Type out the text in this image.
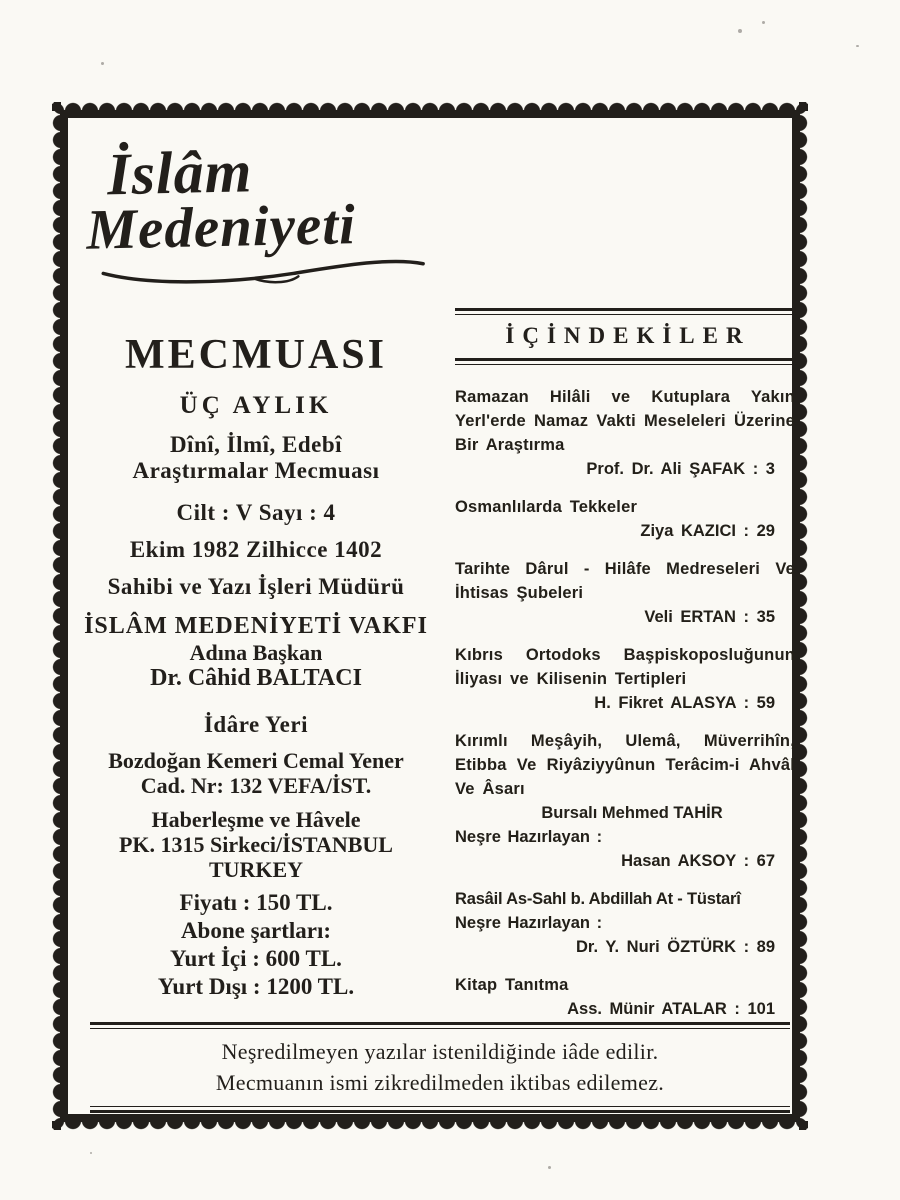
İslâm
Medeniyeti
MECMUASI
ÜÇ AYLIK
Dînî, İlmî, Edebî
Araştırmalar Mecmuası
Cilt : V Sayı : 4
Ekim 1982 Zilhicce 1402
Sahibi ve Yazı İşleri Müdürü
İSLÂM MEDENİYETİ VAKFI
Adına Başkan
Dr. Câhid BALTACI
İdâre Yeri
Bozdoğan Kemeri Cemal Yener
Cad. Nr: 132 VEFA/İST.
Haberleşme ve Hâvele
PK. 1315 Sirkeci/İSTANBUL
TURKEY
Fiyatı : 150 TL.
Abone şartları:
Yurt İçi : 600 TL.
Yurt Dışı : 1200 TL.
İÇİNDEKİLER
Ramazan Hilâli ve Kutuplara Yakın Yerl'erde Namaz Vakti Meseleleri Üzerine Bir Araştırma
Prof. Dr. Ali ŞAFAK : 3
Osmanlılarda Tekkeler
Ziya KAZICI : 29
Tarihte Dârul - Hilâfe Medreseleri Ve İhtisas Şubeleri
Veli ERTAN : 35
Kıbrıs Ortodoks Başpiskoposluğunun İliyası ve Kilisenin Tertipleri
H. Fikret ALASYA : 59
Kırımlı Meşâyih, Ulemâ, Müverrihîn, Etibba Ve Riyâziyyûnun Terâcim-i Ahvâl Ve Âsarı
Bursalı Mehmed TAHİR
Neşre Hazırlayan :
Hasan AKSOY : 67
Rasâil As-Sahl b. Abdillah At - Tüstarî
Neşre Hazırlayan :
Dr. Y. Nuri ÖZTÜRK : 89
Kitap Tanıtma
Ass. Münir ATALAR : 101
Neşredilmeyen yazılar istenildiğinde iâde edilir.
Mecmuanın ismi zikredilmeden iktibas edilemez.
